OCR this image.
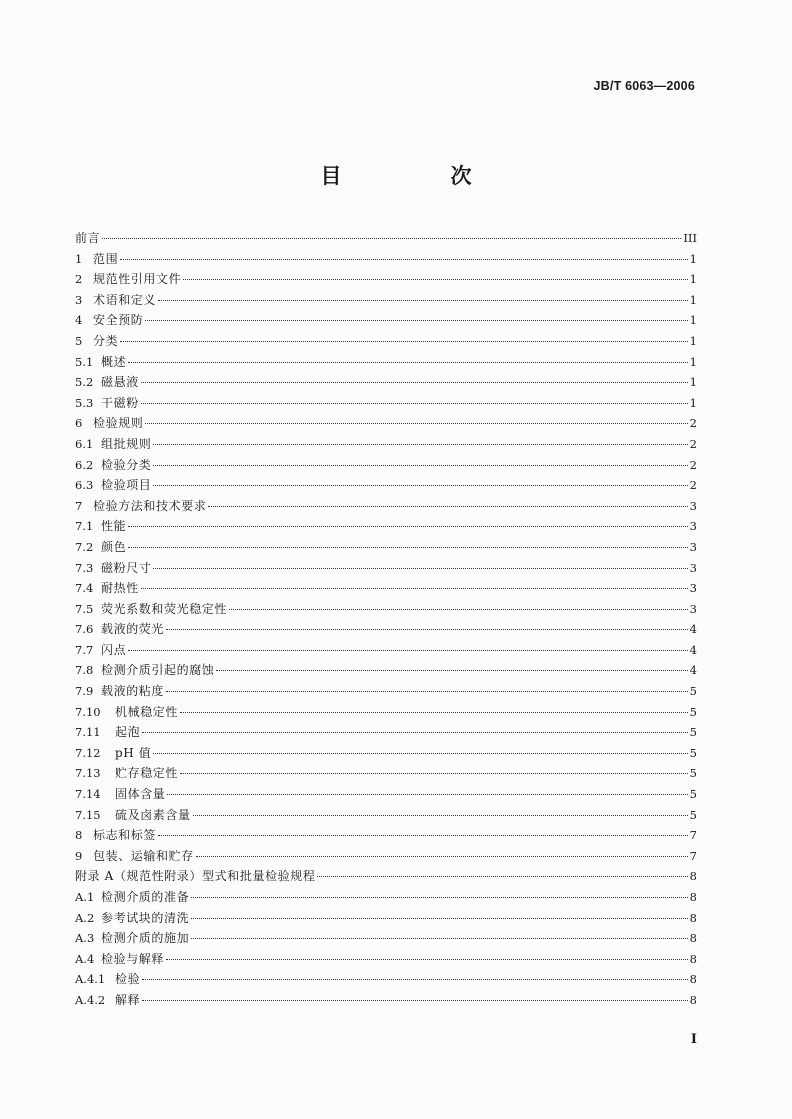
JB/T 6063—2006
目　次
前言	III
1 范围	1
2 规范性引用文件	1
3 术语和定义	1
4 安全预防	1
5 分类	1
5.1 概述	1
5.2 磁悬液	1
5.3 干磁粉	1
6 检验规则	2
6.1 组批规则	2
6.2 检验分类	2
6.3 检验项目	2
7 检验方法和技术要求	3
7.1 性能	3
7.2 颜色	3
7.3 磁粉尺寸	3
7.4 耐热性	3
7.5 荧光系数和荧光稳定性	3
7.6 载液的荧光	4
7.7 闪点	4
7.8 检测介质引起的腐蚀	4
7.9 载液的粘度	5
7.10	机械稳定性	5
7.11	起泡	5
7.12	pH 值	5
7.13	贮存稳定性	5
7.14	固体含量	5
7.15	硫及卤素含量	5
8 标志和标签	7
9 包装、运输和贮存	7
附录 A（规范性附录）型式和批量检验规程	8
A.1 检测介质的准备	8
A.2 参考试块的清洗	8
A.3 检测介质的施加	8
A.4 检验与解释	8
A.4.1 检验	8
A.4.2 解释	8
I
